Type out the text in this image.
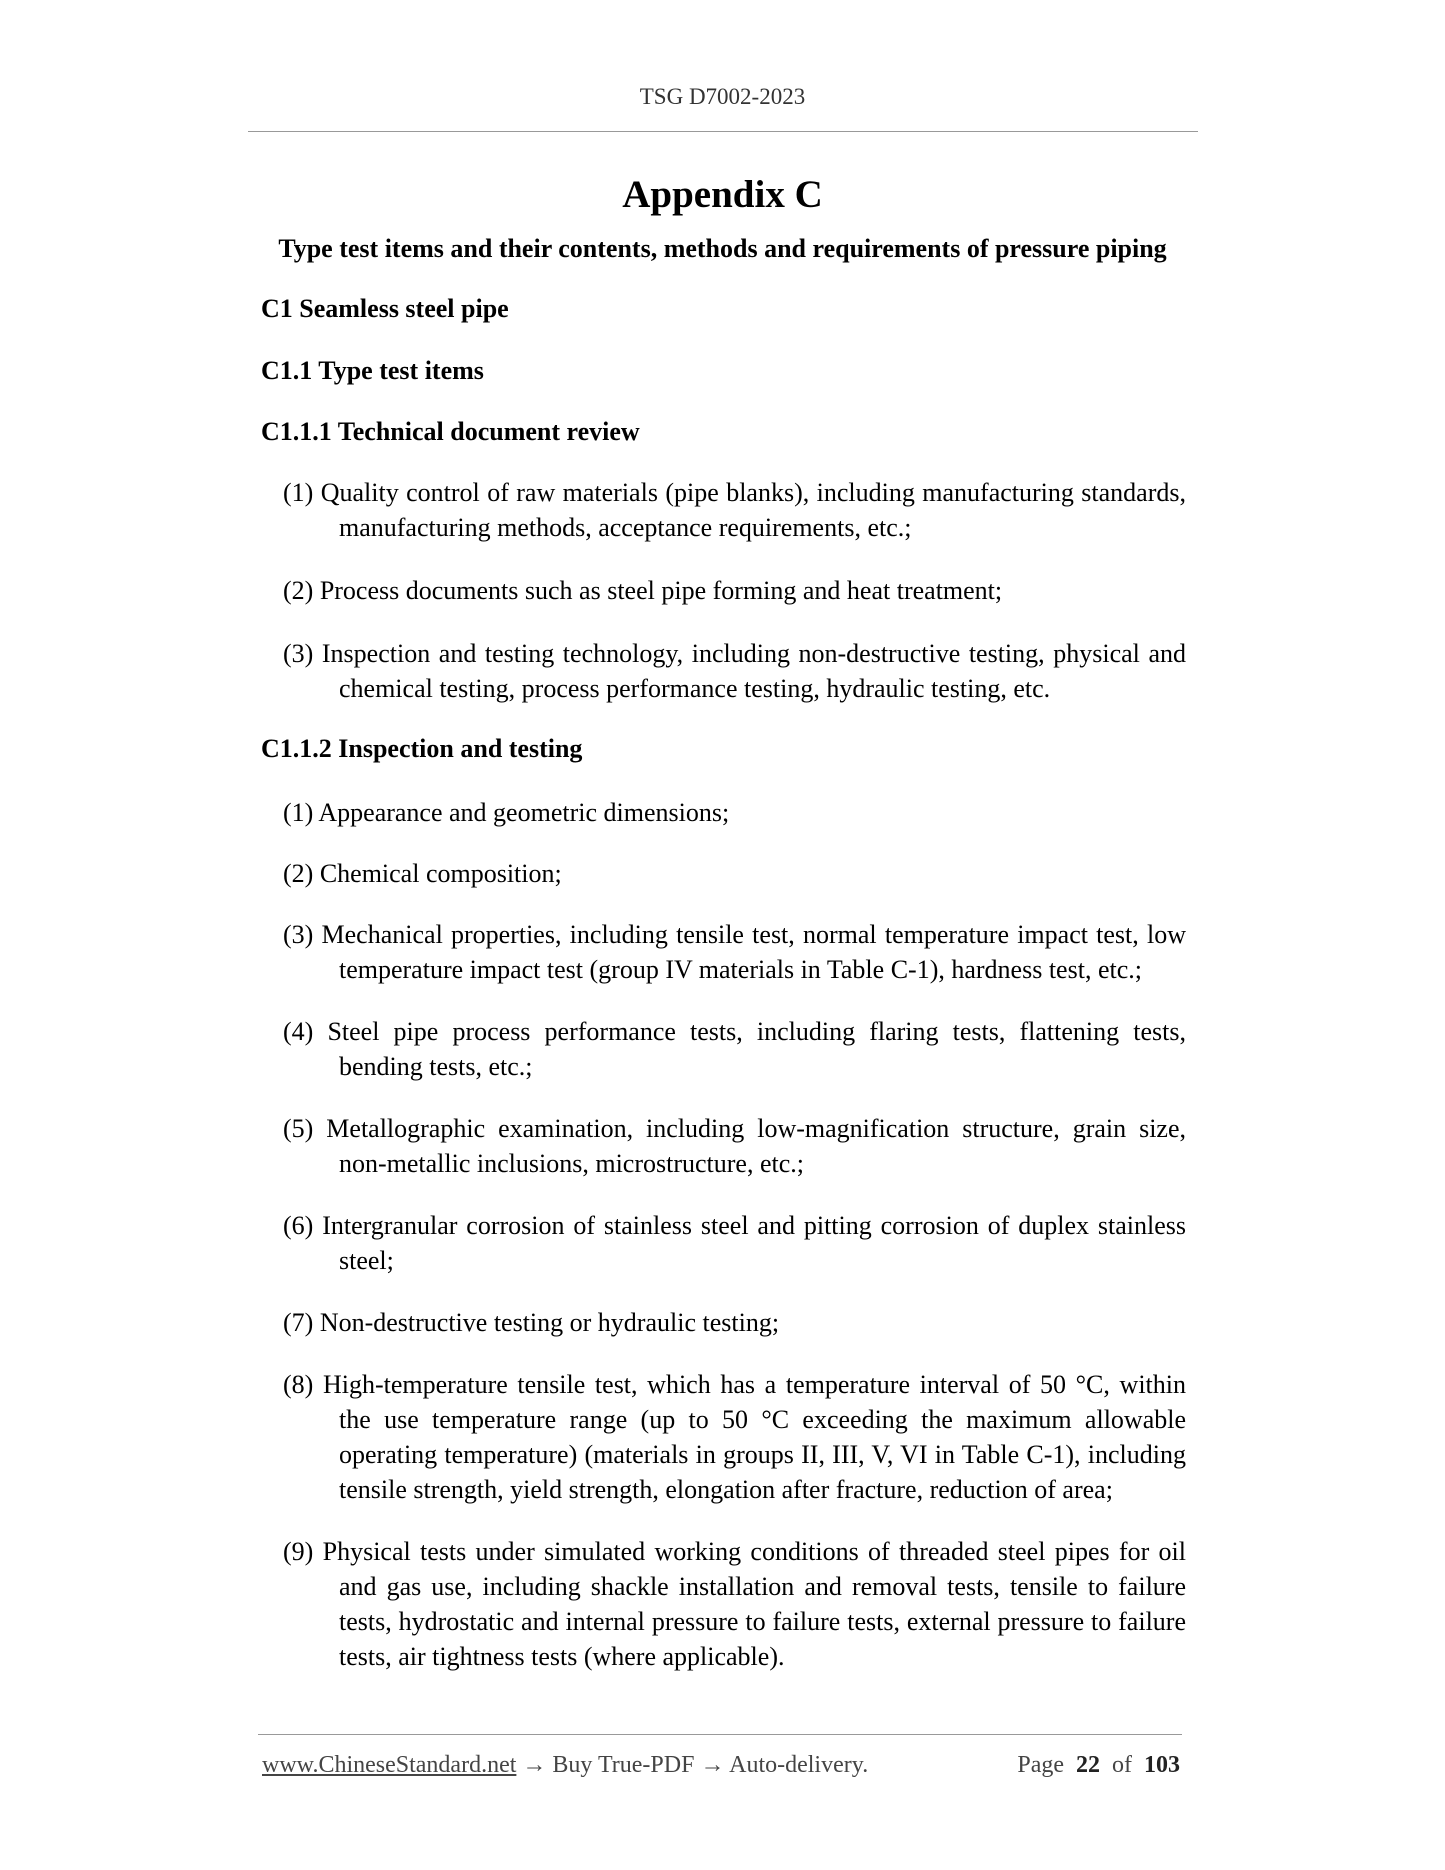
TSG D7002-2023
Appendix C
Type test items and their contents, methods and requirements of pressure piping
C1 Seamless steel pipe
C1.1 Type test items
C1.1.1 Technical document review
(1) Quality control of raw materials (pipe blanks), including manufacturing standards,
manufacturing methods, acceptance requirements, etc.;
(2) Process documents such as steel pipe forming and heat treatment;
(3) Inspection and testing technology, including non-destructive testing, physical and
chemical testing, process performance testing, hydraulic testing, etc.
C1.1.2 Inspection and testing
(1) Appearance and geometric dimensions;
(2) Chemical composition;
(3) Mechanical properties, including tensile test, normal temperature impact test, low
temperature impact test (group IV materials in Table C-1), hardness test, etc.;
(4) Steel pipe process performance tests, including flaring tests, flattening tests,
bending tests, etc.;
(5) Metallographic examination, including low-magnification structure, grain size,
non-metallic inclusions, microstructure, etc.;
(6) Intergranular corrosion of stainless steel and pitting corrosion of duplex stainless
steel;
(7) Non-destructive testing or hydraulic testing;
(8) High-temperature tensile test, which has a temperature interval of 50 °C, within
the use temperature range (up to 50 °C exceeding the maximum allowable
operating temperature) (materials in groups II, III, V, VI in Table C-1), including
tensile strength, yield strength, elongation after fracture, reduction of area;
(9) Physical tests under simulated working conditions of threaded steel pipes for oil
and gas use, including shackle installation and removal tests, tensile to failure
tests, hydrostatic and internal pressure to failure tests, external pressure to failure
tests, air tightness tests (where applicable).
www.ChineseStandard.net → Buy True-PDF → Auto-delivery.	Page 22 of 103
